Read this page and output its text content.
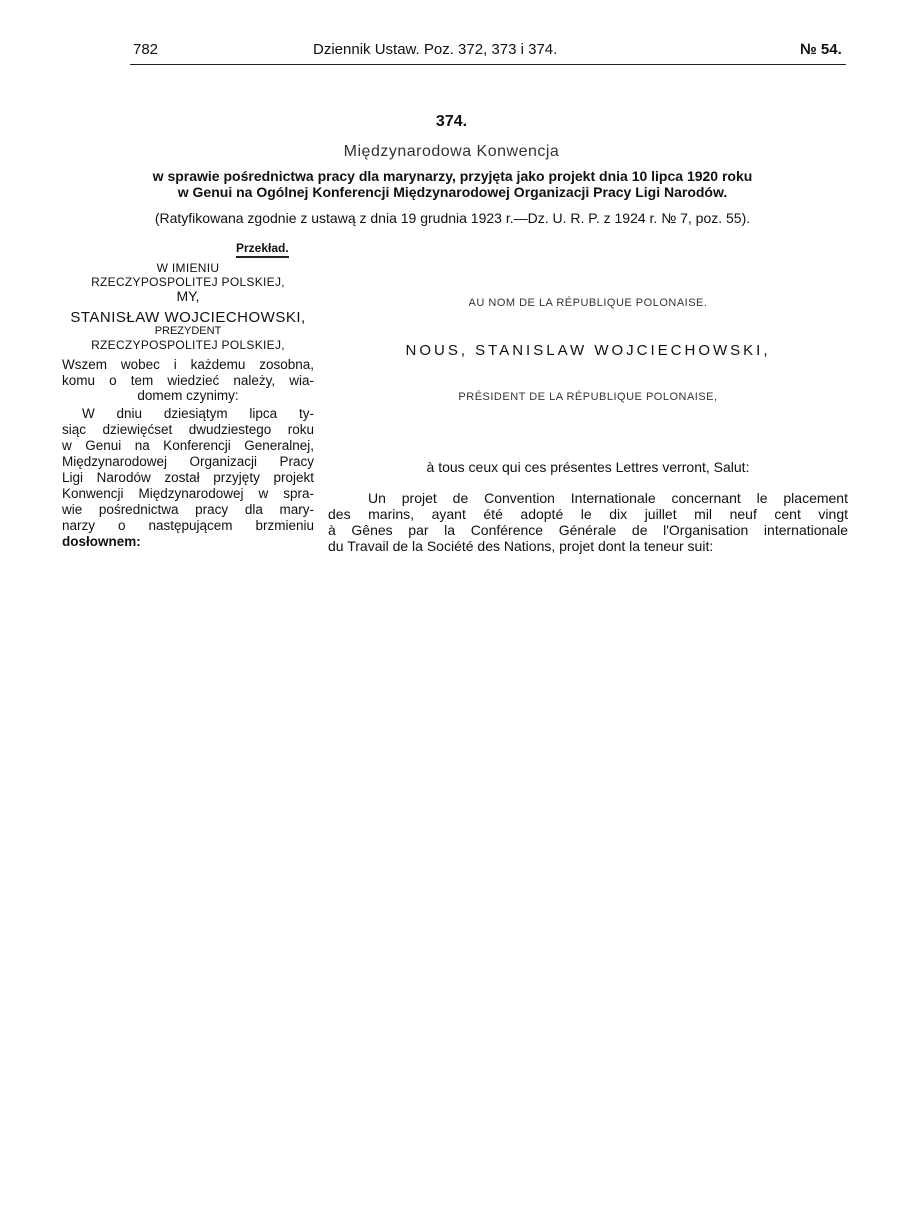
782	Dziennik Ustaw. Poz. 372, 373 i 374.	№ 54.
374.
Międzynarodowa Konwencja
w sprawie pośrednictwa pracy dla marynarzy, przyjęta jako projekt dnia 10 lipca 1920 roku
w Genui na Ogólnej Konferencji Międzynarodowej Organizacji Pracy Ligi Narodów.
(Ratyfikowana zgodnie z ustawą z dnia 19 grudnia 1923 r.—Dz. U. R. P. z 1924 r. № 7, poz. 55).
Przekład.
W IMIENIU
RZECZYPOSPOLITEJ POLSKIEJ,
MY,
STANISŁAW WOJCIECHOWSKI,
PREZYDENT
RZECZYPOSPOLITEJ POLSKIEJ,
Wszem wobec i każdemu zosobna,
komu o tem wiedzieć należy, wia-
domem czynimy:
W dniu dziesiątym lipca ty-
siąc dziewięćset dwudziestego roku
w Genui na Konferencji Generalnej,
Międzynarodowej Organizacji Pracy
Ligi Narodów został przyjęty projekt
Konwencji Międzynarodowej w spra-
wie pośrednictwa pracy dla mary-
narzy o następującem brzmieniu
dosłownem:
AU NOM DE LA RÉPUBLIQUE POLONAISE.
NOUS, STANISLAW WOJCIECHOWSKI,
PRÉSIDENT DE LA RÉPUBLIQUE POLONAISE,
à tous ceux qui ces présentes Lettres verront, Salut:
Un projet de Convention Internationale concernant le placement
des marins, ayant été adopté le dix juillet mil neuf cent vingt
à Gênes par la Conférence Générale de l'Organisation internationale
du Travail de la Société des Nations, projet dont la teneur suit:
